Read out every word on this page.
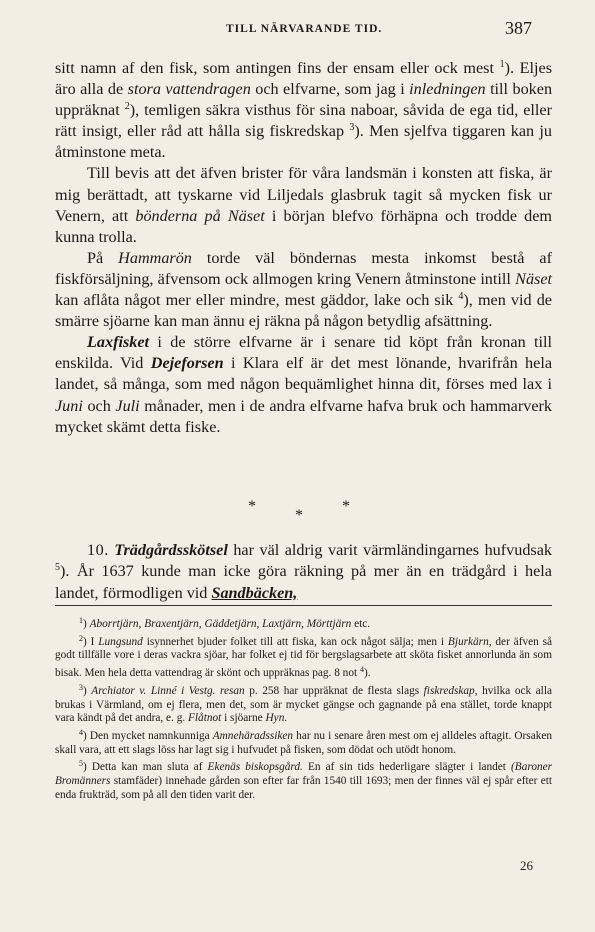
TILL NÄRVARANDE TID.	387

sitt namn af den fisk, som antingen fins der ensam eller ock mest $^1$). Eljes äro alla de stora vattendragen och elfvarne, som jag i inledningen till boken uppräknat $^2$), temligen säkra visthus för sina naboar, såvida de ega tid, eller rätt insigt, eller råd att hålla sig fiskredskap $^3$). Men sjelfva tiggaren kan ju åtminstone meta.

Till bevis att det äfven brister för våra landsmän i konsten att fiska, är mig berättadt, att tyskarne vid Liljedals glasbruk tagit så mycken fisk ur Venern, att bönderna på Näset i början blefvo förhäpna och trodde dem kunna trolla.

På Hammarön torde väl böndernas mesta inkomst bestå af fiskförsäljning, äfvensom ock allmogen kring Venern åtminstone intill Näset kan aflåta något mer eller mindre, mest gäddor, lake och sik $^4$), men vid de smärre sjöarne kan man ännu ej räkna på någon betydlig afsättning.

Laxfisket i de större elfvarne är i senare tid köpt från kronan till enskilda. Vid Dejeforsen i Klara elf är det mest lönande, hvarifrån hela landet, så många, som med någon bequämlighet hinna dit, förses med lax i Juni och Juli månader, men i de andra elfvarne hafva bruk och hammarverk mycket skämt detta fiske.

*	*
*

10. Trädgårdsskötsel har väl aldrig varit värmländingarnes hufvudsak $^5$). År 1637 kunde man icke göra räkning på mer än en trädgård i hela landet, förmodligen vid Sandbäcken,

$^1$) Aborrtjärn, Braxentjärn, Gäddetjärn, Laxtjärn, Mörttjärn etc.

$^2$) I Lungsund isynnerhet bjuder folket till att fiska, kan ock något sälja; men i Bjurkärn, der äfven så godt tillfälle vore i deras vackra sjöar, har folket ej tid för bergslagsarbete att sköta fisket annorlunda än som bisak. Men hela detta vattendrag är skönt och uppräknas pag. 8 not $^4$).

$^3$) Archiator v. Linné i Vestg. resan p. 258 har uppräknat de flesta slags fiskredskap, hvilka ock alla brukas i Värmland, om ej flera, men det, som är mycket gängse och gagnande på ena stället, torde knappt vara kändt på det andra, e. g. Flåtnot i sjöarne Hyn.

$^4$) Den mycket namnkunniga Amnehäradssiken har nu i senare åren mest om ej alldeles aftagit. Orsaken skall vara, att ett slags löss har lagt sig i hufvudet på fisken, som dödat och utödt honom.

$^5$) Detta kan man sluta af Ekenäs biskopsgård. En af sin tids hederligare slägter i landet (Baroner Bromänners stamfäder) innehade gården son efter far från 1540 till 1693; men der finnes väl ej spår efter ett enda frukträd, som på all den tiden varit der.

26
